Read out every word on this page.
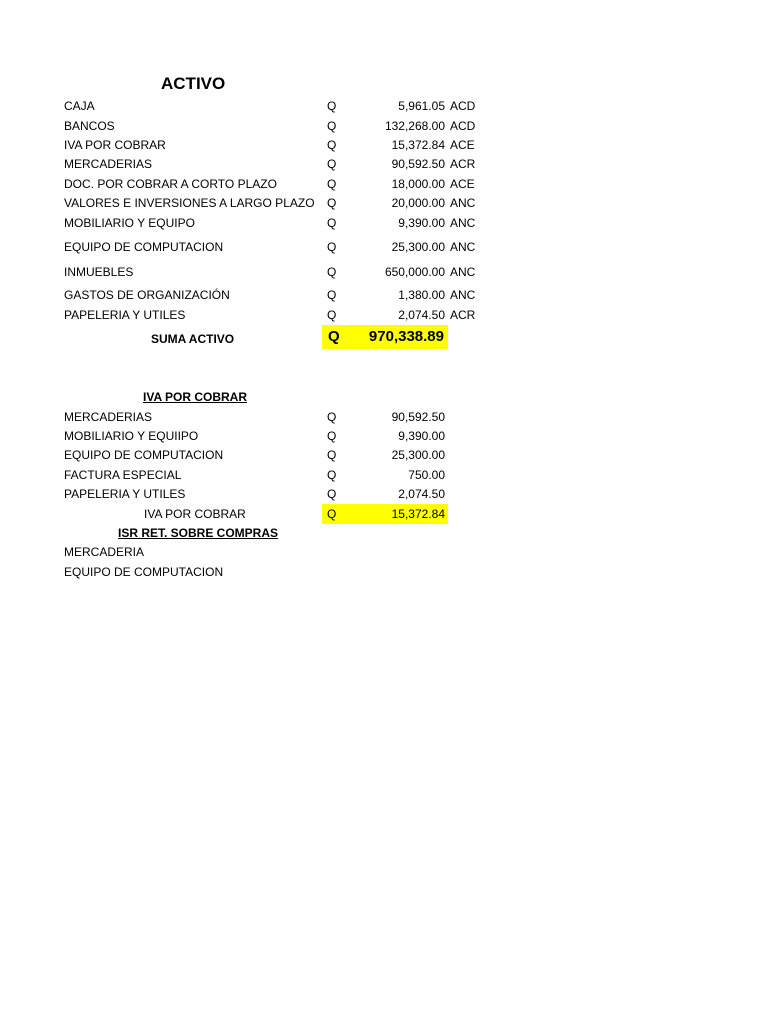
ACTIVO
CAJA	Q	5,961.05 ACD
BANCOS	Q	132,268.00 ACD
IVA POR COBRAR	Q	15,372.84 ACE
MERCADERIAS	Q	90,592.50 ACR
DOC. POR COBRAR A CORTO PLAZO	Q	18,000.00 ACE
VALORES E INVERSIONES A LARGO PLAZO Q	20,000.00 ANC
MOBILIARIO Y EQUIPO	Q	9,390.00 ANC
EQUIPO DE COMPUTACION	Q	25,300.00 ANC
INMUEBLES	Q	650,000.00 ANC
GASTOS DE ORGANIZACIÓN	Q	1,380.00 ANC
PAPELERIA Y UTILES	Q	2,074.50 ACR
SUMA ACTIVO	Q	970,338.89
IVA POR COBRAR
MERCADERIAS	Q	90,592.50
MOBILIARIO Y EQUIIPO	Q	9,390.00
EQUIPO DE COMPUTACION	Q	25,300.00
FACTURA ESPECIAL	Q	750.00
PAPELERIA Y UTILES	Q	2,074.50
IVA POR COBRAR	Q	15,372.84
ISR RET. SOBRE COMPRAS
MERCADERIA
EQUIPO DE COMPUTACION
